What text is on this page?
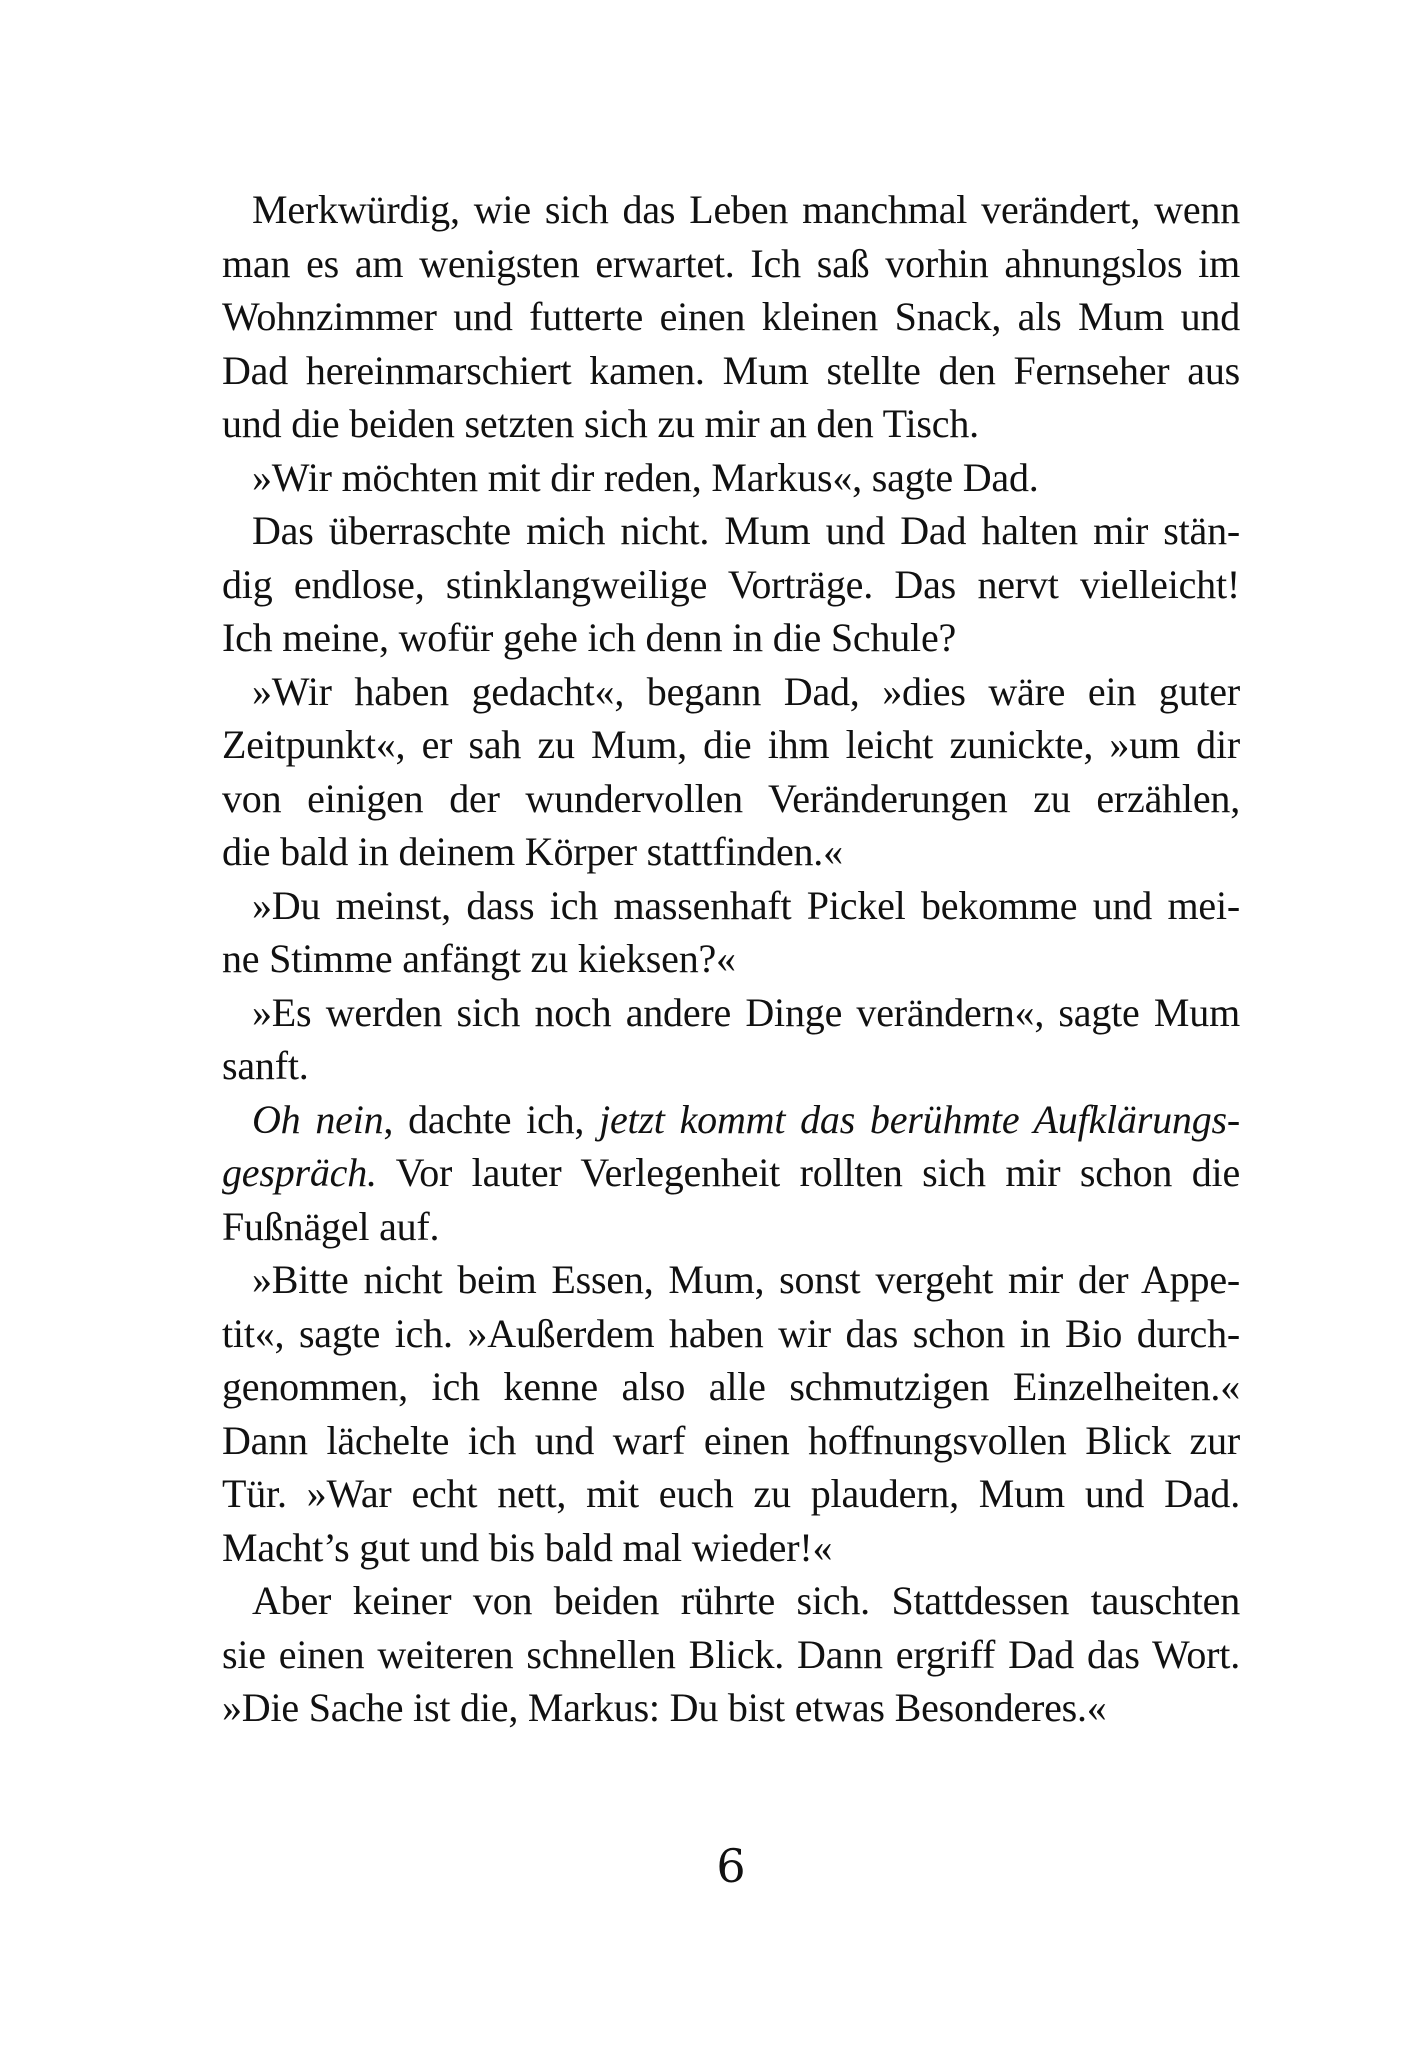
Merkwürdig, wie sich das Leben manchmal verändert, wenn
man es am wenigsten erwartet. Ich saß vorhin ahnungslos im
Wohnzimmer und futterte einen kleinen Snack, als Mum und
Dad hereinmarschiert kamen. Mum stellte den Fernseher aus
und die beiden setzten sich zu mir an den Tisch.
»Wir möchten mit dir reden, Markus«, sagte Dad.
Das überraschte mich nicht. Mum und Dad halten mir stän-
dig endlose, stinklangweilige Vorträge. Das nervt vielleicht!
Ich meine, wofür gehe ich denn in die Schule?
»Wir haben gedacht«, begann Dad, »dies wäre ein guter
Zeitpunkt«, er sah zu Mum, die ihm leicht zunickte, »um dir
von einigen der wundervollen Veränderungen zu erzählen,
die bald in deinem Körper stattfinden.«
»Du meinst, dass ich massenhaft Pickel bekomme und mei-
ne Stimme anfängt zu kieksen?«
»Es werden sich noch andere Dinge verändern«, sagte Mum
sanft.
Oh nein, dachte ich, jetzt kommt das berühmte Aufklärungs-
gespräch. Vor lauter Verlegenheit rollten sich mir schon die
Fußnägel auf.
»Bitte nicht beim Essen, Mum, sonst vergeht mir der Appe-
tit«, sagte ich. »Außerdem haben wir das schon in Bio durch-
genommen, ich kenne also alle schmutzigen Einzelheiten.«
Dann lächelte ich und warf einen hoffnungsvollen Blick zur
Tür. »War echt nett, mit euch zu plaudern, Mum und Dad.
Macht’s gut und bis bald mal wieder!«
Aber keiner von beiden rührte sich. Stattdessen tauschten
sie einen weiteren schnellen Blick. Dann ergriff Dad das Wort.
»Die Sache ist die, Markus: Du bist etwas Besonderes.«
6
